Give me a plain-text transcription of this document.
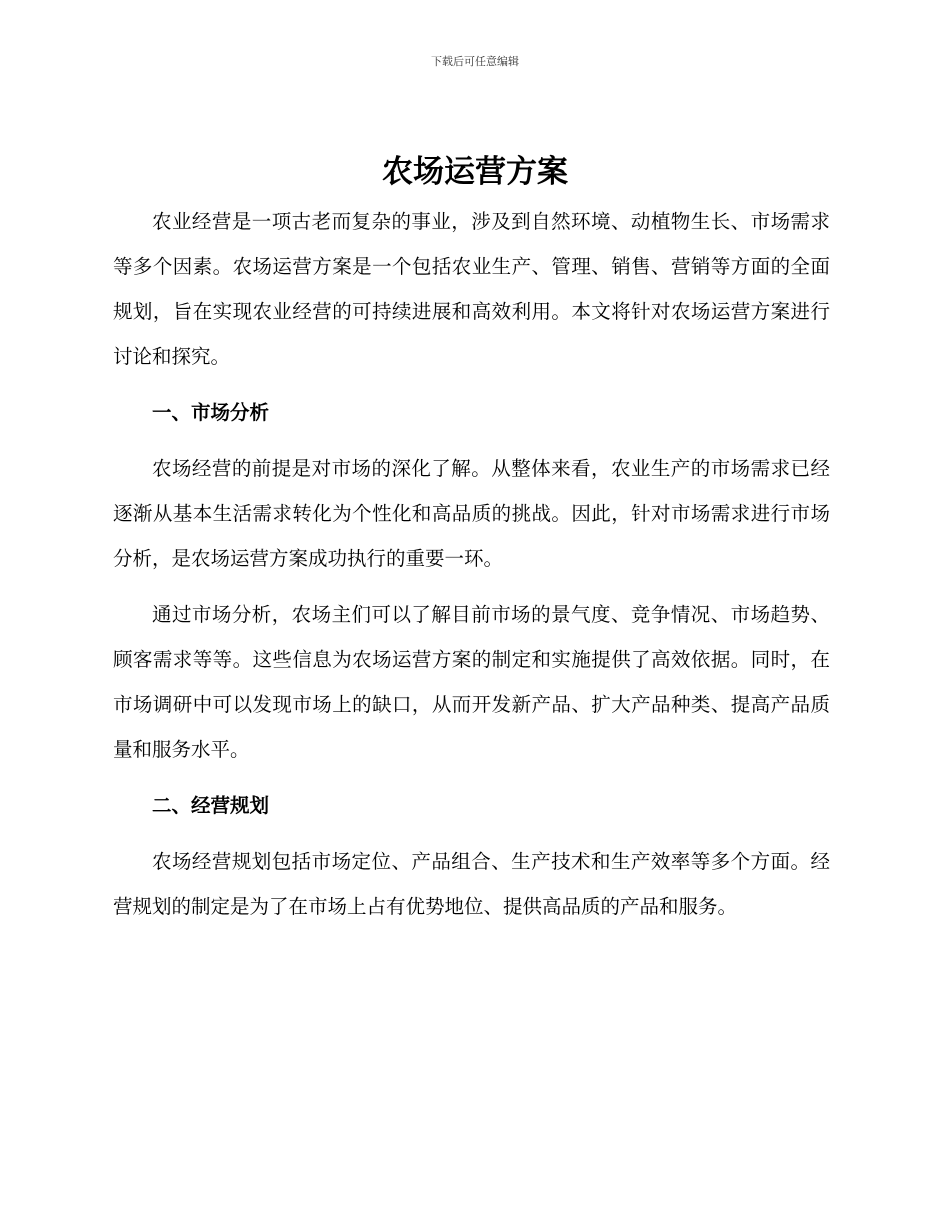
下载后可任意编辑
农场运营方案

农业经营是一项古老而复杂的事业，涉及到自然环境、动植物生长、市场需求等多个因素。农场运营方案是一个包括农业生产、管理、销售、营销等方面的全面规划，旨在实现农业经营的可持续进展和高效利用。本文将针对农场运营方案进行讨论和探究。

一、市场分析

农场经营的前提是对市场的深化了解。从整体来看，农业生产的市场需求已经逐渐从基本生活需求转化为个性化和高品质的挑战。因此，针对市场需求进行市场分析，是农场运营方案成功执行的重要一环。

通过市场分析，农场主们可以了解目前市场的景气度、竞争情况、市场趋势、顾客需求等等。这些信息为农场运营方案的制定和实施提供了高效依据。同时，在市场调研中可以发现市场上的缺口，从而开发新产品、扩大产品种类、提高产品质量和服务水平。

二、经营规划

农场经营规划包括市场定位、产品组合、生产技术和生产效率等多个方面。经营规划的制定是为了在市场上占有优势地位、提供高品质的产品和服务。
